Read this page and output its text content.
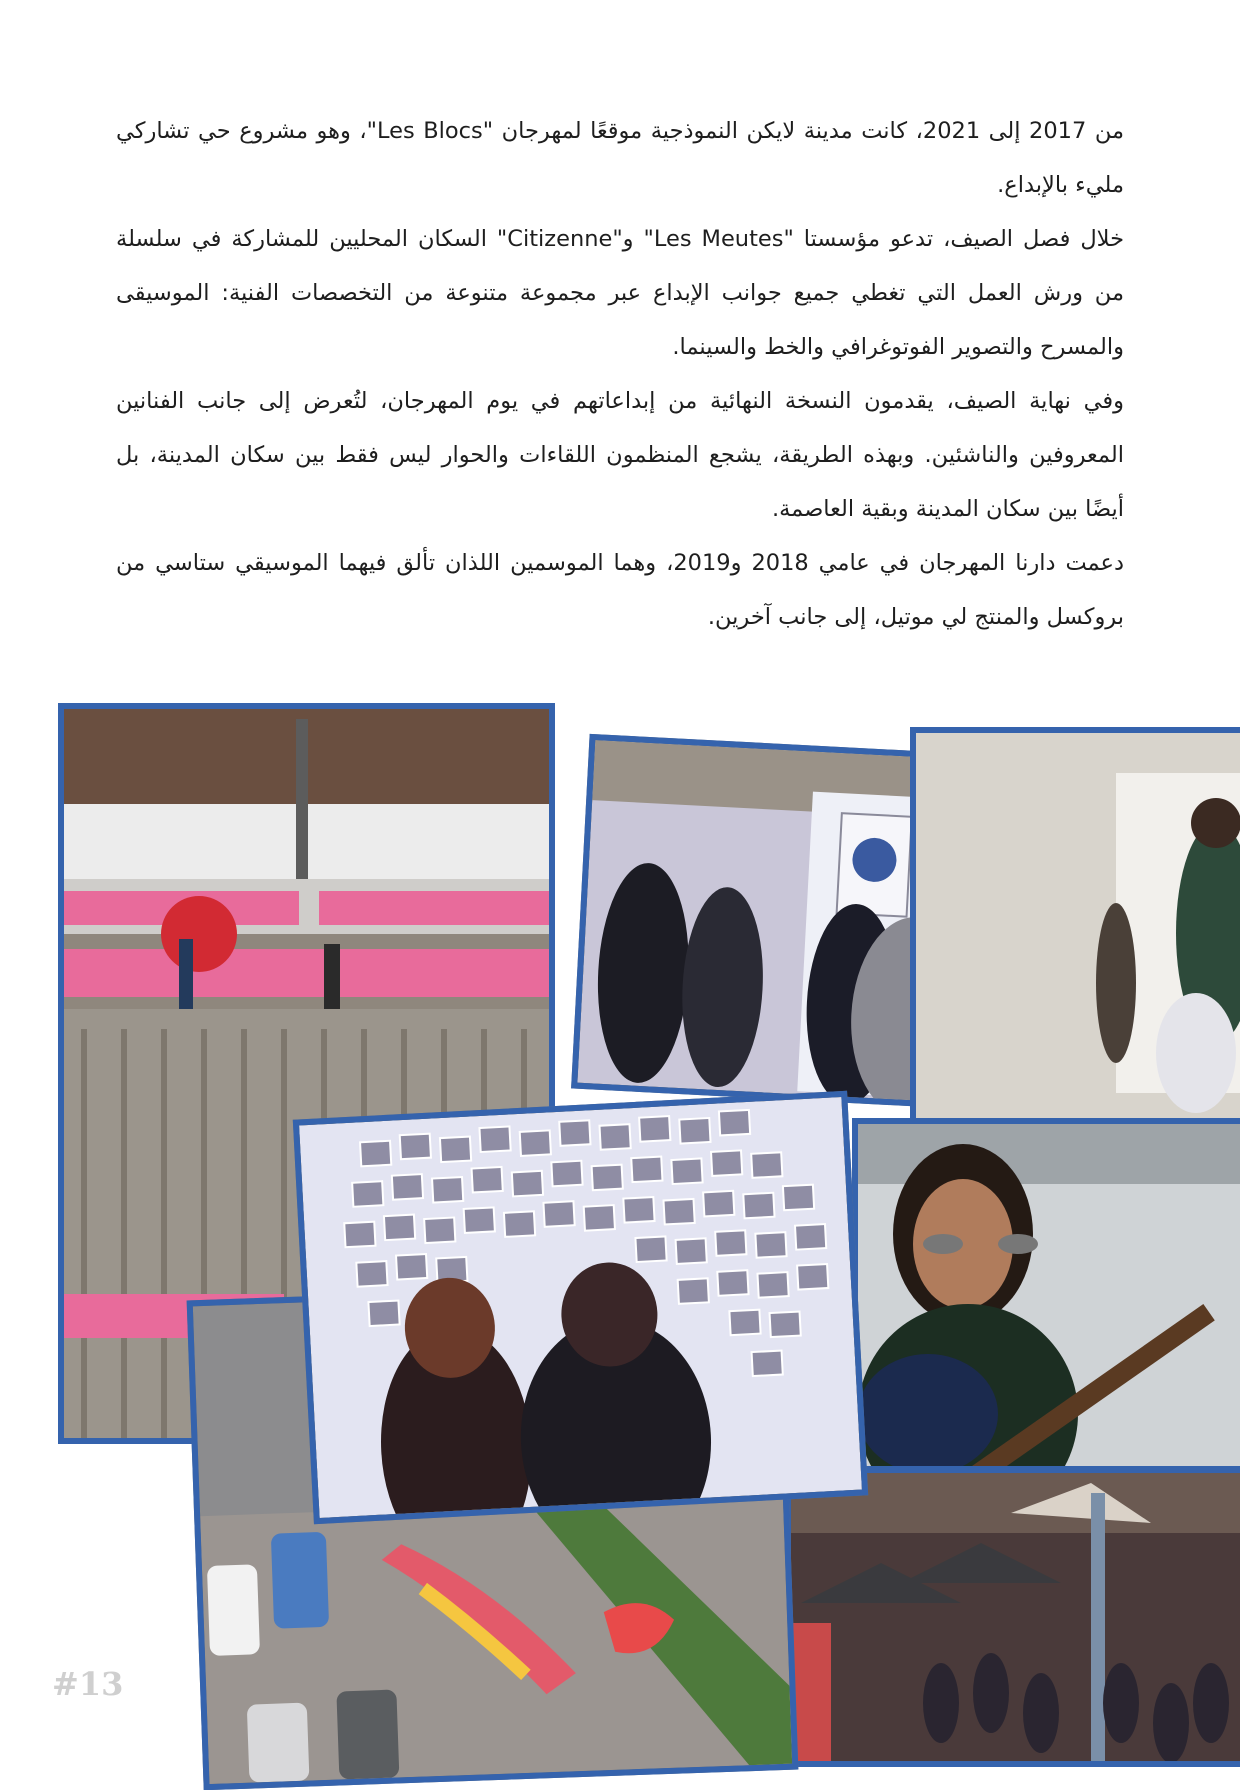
من 2017 إلى 2021، كانت مدينة لايكن النموذجية موقعًا لمهرجان "Les Blocs"، وهو مشروع حي تشاركي مليء بالإبداع.

خلال فصل الصيف، تدعو مؤسستا "Les Meutes" و"Citizenne" السكان المحليين للمشاركة في سلسلة من ورش العمل التي تغطي جميع جوانب الإبداع عبر مجموعة متنوعة من التخصصات الفنية: الموسيقى والمسرح والتصوير الفوتوغرافي والخط والسينما.

وفي نهاية الصيف، يقدمون النسخة النهائية من إبداعاتهم في يوم المهرجان، لتُعرض إلى جانب الفنانين المعروفين والناشئين. وبهذه الطريقة، يشجع المنظمون اللقاءات والحوار ليس فقط بين سكان المدينة، بل أيضًا بين سكان المدينة وبقية العاصمة.

دعمت دارنا المهرجان في عامي 2018 و2019، وهما الموسمين اللذان تألق فيهما الموسيقي ستاسي من بروكسل والمنتج لي موتيل، إلى جانب آخرين.

#13
